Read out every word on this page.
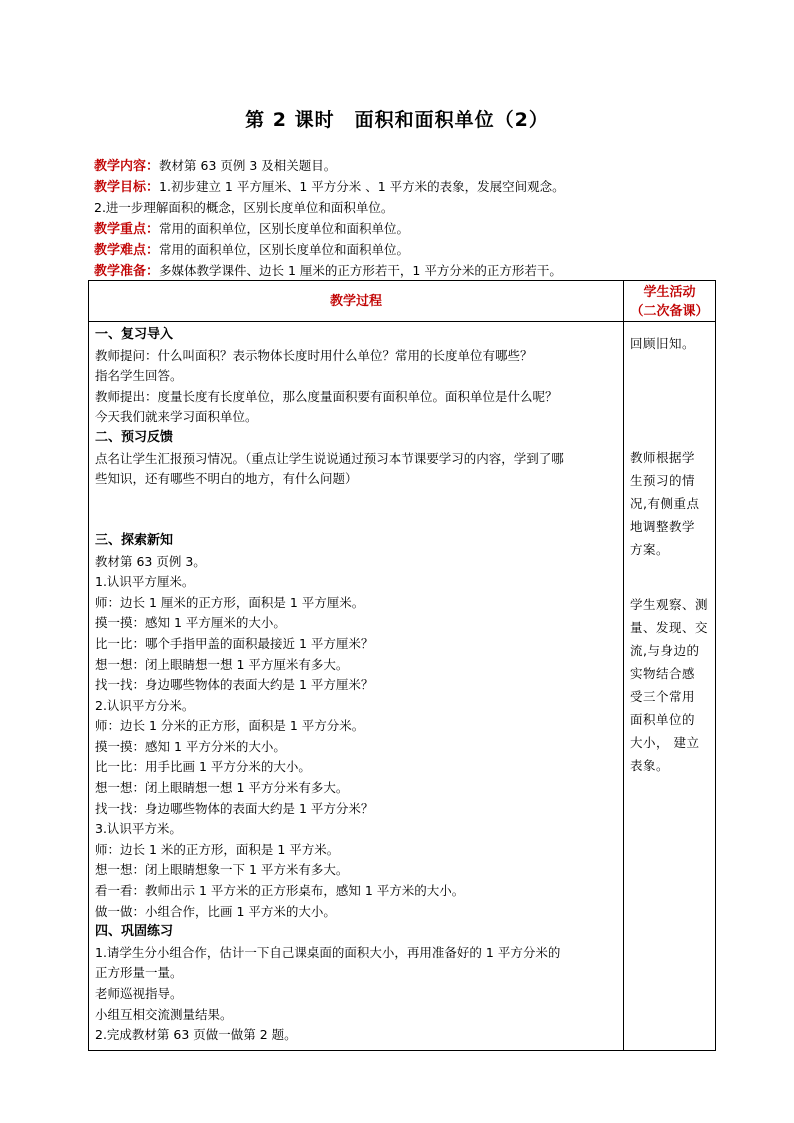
第 2 课时　面积和面积单位（2）
教学内容：教材第 63 页例 3 及相关题目。
教学目标：1.初步建立 1 平方厘米、1 平方分米 、1 平方米的表象，发展空间观念。
2.进一步理解面积的概念，区别长度单位和面积单位。
教学重点：常用的面积单位，区别长度单位和面积单位。
教学难点：常用的面积单位，区别长度单位和面积单位。
教学准备：多媒体教学课件、边长 1 厘米的正方形若干，1 平方分米的正方形若干。
教学过程
学生活动
（二次备课）
一、复习导入
教师提问：什么叫面积？表示物体长度时用什么单位？常用的长度单位有哪些？
指名学生回答。
教师提出：度量长度有长度单位，那么度量面积要有面积单位。面积单位是什么呢？
今天我们就来学习面积单位。
二、预习反馈
点名让学生汇报预习情况。（重点让学生说说通过预习本节课要学习的内容，学到了哪
些知识，还有哪些不明白的地方，有什么问题）
三、探索新知
教材第 63 页例 3。
1.认识平方厘米。
师：边长 1 厘米的正方形，面积是 1 平方厘米。
摸一摸：感知 1 平方厘米的大小。
比一比：哪个手指甲盖的面积最接近 1 平方厘米？
想一想：闭上眼睛想一想 1 平方厘米有多大。
找一找：身边哪些物体的表面大约是 1 平方厘米？
2.认识平方分米。
师：边长 1 分米的正方形，面积是 1 平方分米。
摸一摸：感知 1 平方分米的大小。
比一比：用手比画 1 平方分米的大小。
想一想：闭上眼睛想一想 1 平方分米有多大。
找一找：身边哪些物体的表面大约是 1 平方分米？
3.认识平方米。
师：边长 1 米的正方形，面积是 1 平方米。
想一想：闭上眼睛想象一下 1 平方米有多大。
看一看：教师出示 1 平方米的正方形桌布，感知 1 平方米的大小。
做一做：小组合作，比画 1 平方米的大小。
四、巩固练习
1.请学生分小组合作，估计一下自己课桌面的面积大小，再用准备好的 1 平方分米的
正方形量一量。
老师巡视指导。
小组互相交流测量结果。
2.完成教材第 63 页做一做第 2 题。
回顾旧知。
教师根据学
生预习的情
况,有侧重点
地调整教学
方案。
学生观察、测
量、发现、交
流,与身边的
实物结合感
受三个常用
面积单位的
大小， 建立
表象。
